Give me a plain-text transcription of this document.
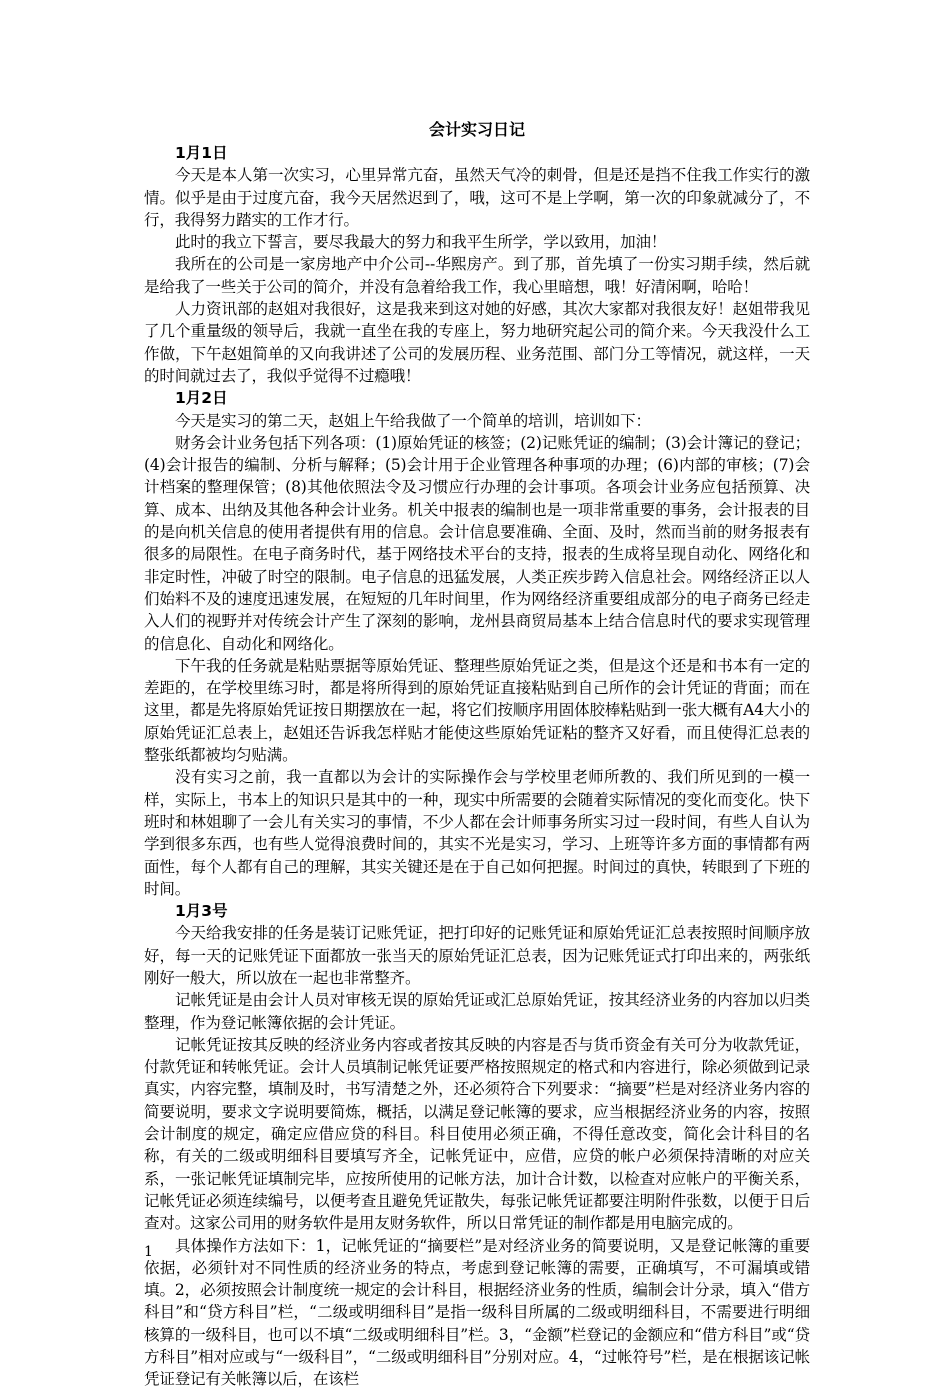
会计实习日记
1月1日

今天是本人第一次实习，心里异常亢奋，虽然天气冷的刺骨，但是还是挡不住我工作实行的激情。似乎是由于过度亢奋，我今天居然迟到了，哦，这可不是上学啊，第一次的印象就减分了，不行，我得努力踏实的工作才行。

此时的我立下誓言，要尽我最大的努力和我平生所学，学以致用，加油！

我所在的公司是一家房地产中介公司--华熙房产。到了那，首先填了一份实习期手续，然后就是给我了一些关于公司的简介，并没有急着给我工作，我心里暗想，哦！好清闲啊，哈哈！

人力资讯部的赵姐对我很好，这是我来到这对她的好感，其次大家都对我很友好！赵姐带我见了几个重量级的领导后，我就一直坐在我的专座上，努力地研究起公司的简介来。今天我没什么工作做，下午赵姐简单的又向我讲述了公司的发展历程、业务范围、部门分工等情况，就这样，一天的时间就过去了，我似乎觉得不过瘾哦！

1月2日

今天是实习的第二天，赵姐上午给我做了一个简单的培训，培训如下：

财务会计业务包括下列各项：(1)原始凭证的核签；(2)记账凭证的编制；(3)会计簿记的登记；(4)会计报告的编制、分析与解释；(5)会计用于企业管理各种事项的办理；(6)内部的审核；(7)会计档案的整理保管；(8)其他依照法令及习惯应行办理的会计事项。各项会计业务应包括预算、决算、成本、出纳及其他各种会计业务。机关中报表的编制也是一项非常重要的事务，会计报表的目的是向机关信息的使用者提供有用的信息。会计信息要准确、全面、及时，然而当前的财务报表有很多的局限性。在电子商务时代，基于网络技术平台的支持，报表的生成将呈现自动化、网络化和非定时性，冲破了时空的限制。电子信息的迅猛发展，人类正疾步跨入信息社会。网络经济正以人们始料不及的速度迅速发展，在短短的几年时间里，作为网络经济重要组成部分的电子商务已经走入人们的视野并对传统会计产生了深刻的影响，龙州县商贸局基本上结合信息时代的要求实现管理的信息化、自动化和网络化。

下午我的任务就是粘贴票据等原始凭证、整理些原始凭证之类，但是这个还是和书本有一定的差距的，在学校里练习时，都是将所得到的原始凭证直接粘贴到自己所作的会计凭证的背面；而在这里，都是先将原始凭证按日期摆放在一起，将它们按顺序用固体胶棒粘贴到一张大概有A4大小的原始凭证汇总表上，赵姐还告诉我怎样贴才能使这些原始凭证粘的整齐又好看，而且使得汇总表的整张纸都被均匀贴满。

没有实习之前，我一直都以为会计的实际操作会与学校里老师所教的、我们所见到的一模一样，实际上，书本上的知识只是其中的一种，现实中所需要的会随着实际情况的变化而变化。快下班时和林姐聊了一会儿有关实习的事情，不少人都在会计师事务所实习过一段时间，有些人自认为学到很多东西，也有些人觉得浪费时间的，其实不光是实习，学习、上班等许多方面的事情都有两面性，每个人都有自己的理解，其实关键还是在于自己如何把握。时间过的真快，转眼到了下班的时间。

1月3号

今天给我安排的任务是装订记账凭证，把打印好的记账凭证和原始凭证汇总表按照时间顺序放好，每一天的记账凭证下面都放一张当天的原始凭证汇总表，因为记账凭证式打印出来的，两张纸刚好一般大，所以放在一起也非常整齐。

记帐凭证是由会计人员对审核无误的原始凭证或汇总原始凭证，按其经济业务的内容加以归类整理，作为登记帐簿依据的会计凭证。

记帐凭证按其反映的经济业务内容或者按其反映的内容是否与货币资金有关可分为收款凭证，付款凭证和转帐凭证。会计人员填制记帐凭证要严格按照规定的格式和内容进行，除必须做到记录真实，内容完整，填制及时，书写清楚之外，还必须符合下列要求：“摘要”栏是对经济业务内容的简要说明，要求文字说明要简炼，概括，以满足登记帐簿的要求，应当根据经济业务的内容，按照会计制度的规定，确定应借应贷的科目。科目使用必须正确，不得任意改变，简化会计科目的名称，有关的二级或明细科目要填写齐全，记帐凭证中，应借，应贷的帐户必须保持清晰的对应关系，一张记帐凭证填制完毕，应按所使用的记帐方法，加计合计数，以检查对应帐户的平衡关系，记帐凭证必须连续编号，以便考查且避免凭证散失，每张记帐凭证都要注明附件张数，以便于日后查对。这家公司用的财务软件是用友财务软件，所以日常凭证的制作都是用电脑完成的。

具体操作方法如下：1，记帐凭证的“摘要栏”是对经济业务的简要说明，又是登记帐簿的重要依据，必须针对不同性质的经济业务的特点，考虑到登记帐簿的需要，正确填写，不可漏填或错填。2，必须按照会计制度统一规定的会计科目，根据经济业务的性质，编制会计分录，填入“借方科目”和“贷方科目”栏，“二级或明细科目”是指一级科目所属的二级或明细科目，不需要进行明细核算的一级科目，也可以不填“二级或明细科目”栏。3，“金额”栏登记的金额应和“借方科目”或“贷方科目”相对应或与“一级科目”，“二级或明细科目”分别对应。4，“过帐符号”栏，是在根据该记帐凭证登记有关帐簿以后，在该栏

1
